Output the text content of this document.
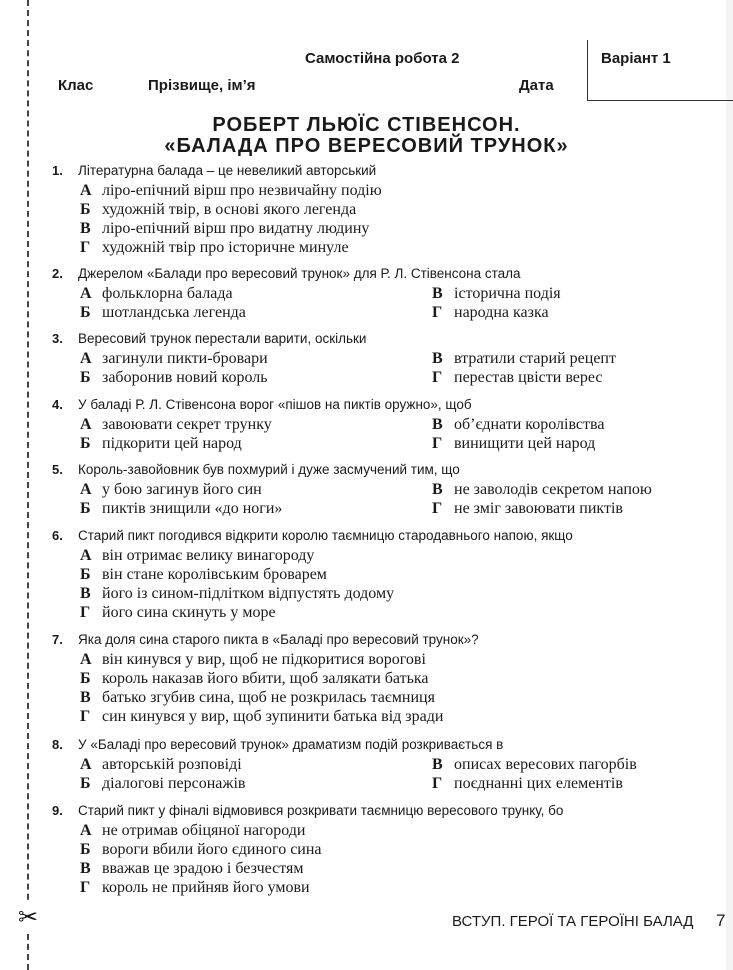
✂
Самостійна робота 2	Варіант 1
Клас	Прізвище, ім’я	Дата
РОБЕРТ ЛЬЮЇС СТІВЕНСОН.
«БАЛАДА ПРО ВЕРЕСОВИЙ ТРУНОК»
1. Літературна балада – це невеликий авторський
А ліро-епічний вірш про незвичайну подію
Б художній твір, в основі якого легенда
В ліро-епічний вірш про видатну людину
Г художній твір про історичне минуле
2. Джерелом «Балади про вересовий трунок» для Р. Л. Стівенсона стала
А фольклорна балада
Б шотландська легенда
В історична подія
Г народна казка
3. Вересовий трунок перестали варити, оскільки
А загинули пикти-бровари
Б заборонив новий король
В втратили старий рецепт
Г перестав цвісти верес
4. У баладі Р. Л. Стівенсона ворог «пішов на пиктів оружно», щоб
А завоювати секрет трунку
Б підкорити цей народ
В об’єднати королівства
Г винищити цей народ
5. Король-завойовник був похмурий і дуже засмучений тим, що
А у бою загинув його син
Б пиктів знищили «до ноги»
В не заволодів секретом напою
Г не зміг завоювати пиктів
6. Старий пикт погодився відкрити королю таємницю стародавнього напою, якщо
А він отримає велику винагороду
Б він стане королівським броварем
В його із сином-підлітком відпустять додому
Г його сина скинуть у море
7. Яка доля сина старого пикта в «Баладі про вересовий трунок»?
А він кинувся у вир, щоб не підкоритися ворогові
Б король наказав його вбити, щоб залякати батька
В батько згубив сина, щоб не розкрилась таємниця
Г син кинувся у вир, щоб зупинити батька від зради
8. У «Баладі про вересовий трунок» драматизм подій розкривається в
А авторській розповіді
Б діалогові персонажів
В описах вересових пагорбів
Г поєднанні цих елементів
9. Старий пикт у фіналі відмовився розкривати таємницю вересового трунку, бо
А не отримав обіцяної нагороди
Б вороги вбили його єдиного сина
В вважав це зрадою і безчестям
Г король не прийняв його умови
ВСТУП. ГЕРОЇ ТА ГЕРОЇНІ БАЛАД 7
